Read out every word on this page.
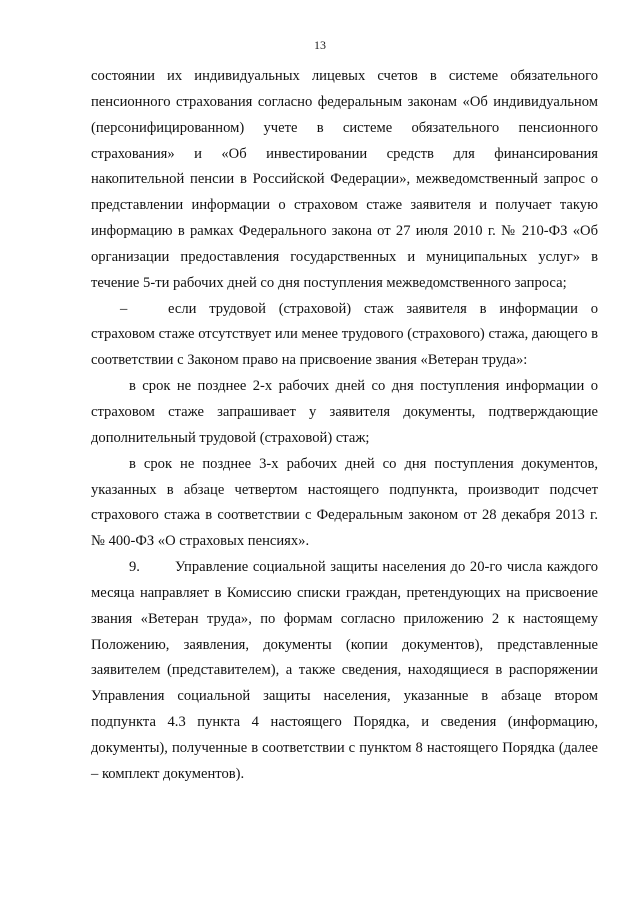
13

состоянии их индивидуальных лицевых счетов в системе обязательного пенсионного страхования согласно федеральным законам «Об индивидуальном (персонифицированном) учете в системе обязательного пенсионного страхования» и «Об инвестировании средств для финансирования накопительной пенсии в Российской Федерации», межведомственный запрос о представлении информации о страховом стаже заявителя и получает такую информацию в рамках Федерального закона от 27 июля 2010 г. № 210-ФЗ «Об организации предоставления государственных и муниципальных услуг» в течение 5-ти рабочих дней со дня поступления межведомственного запроса;

–	если трудовой (страховой) стаж заявителя в информации о страховом стаже отсутствует или менее трудового (страхового) стажа, дающего в соответствии с Законом право на присвоение звания «Ветеран труда»:

в срок не позднее 2-х рабочих дней со дня поступления информации о страховом стаже запрашивает у заявителя документы, подтверждающие дополнительный трудовой (страховой) стаж;

в срок не позднее 3-х рабочих дней со дня поступления документов, указанных в абзаце четвертом настоящего подпункта, производит подсчет страхового стажа в соответствии с Федеральным законом от 28 декабря 2013 г. № 400-ФЗ «О страховых пенсиях».

9. Управление социальной защиты населения до 20-го числа каждого месяца направляет в Комиссию списки граждан, претендующих на присвоение звания «Ветеран труда», по формам согласно приложению 2 к настоящему Положению, заявления, документы (копии документов), представленные заявителем (представителем), а также сведения, находящиеся в распоряжении Управления социальной защиты населения, указанные в абзаце втором подпункта 4.3 пункта 4 настоящего Порядка, и сведения (информацию, документы), полученные в соответствии с пунктом 8 настоящего Порядка (далее – комплект документов).
